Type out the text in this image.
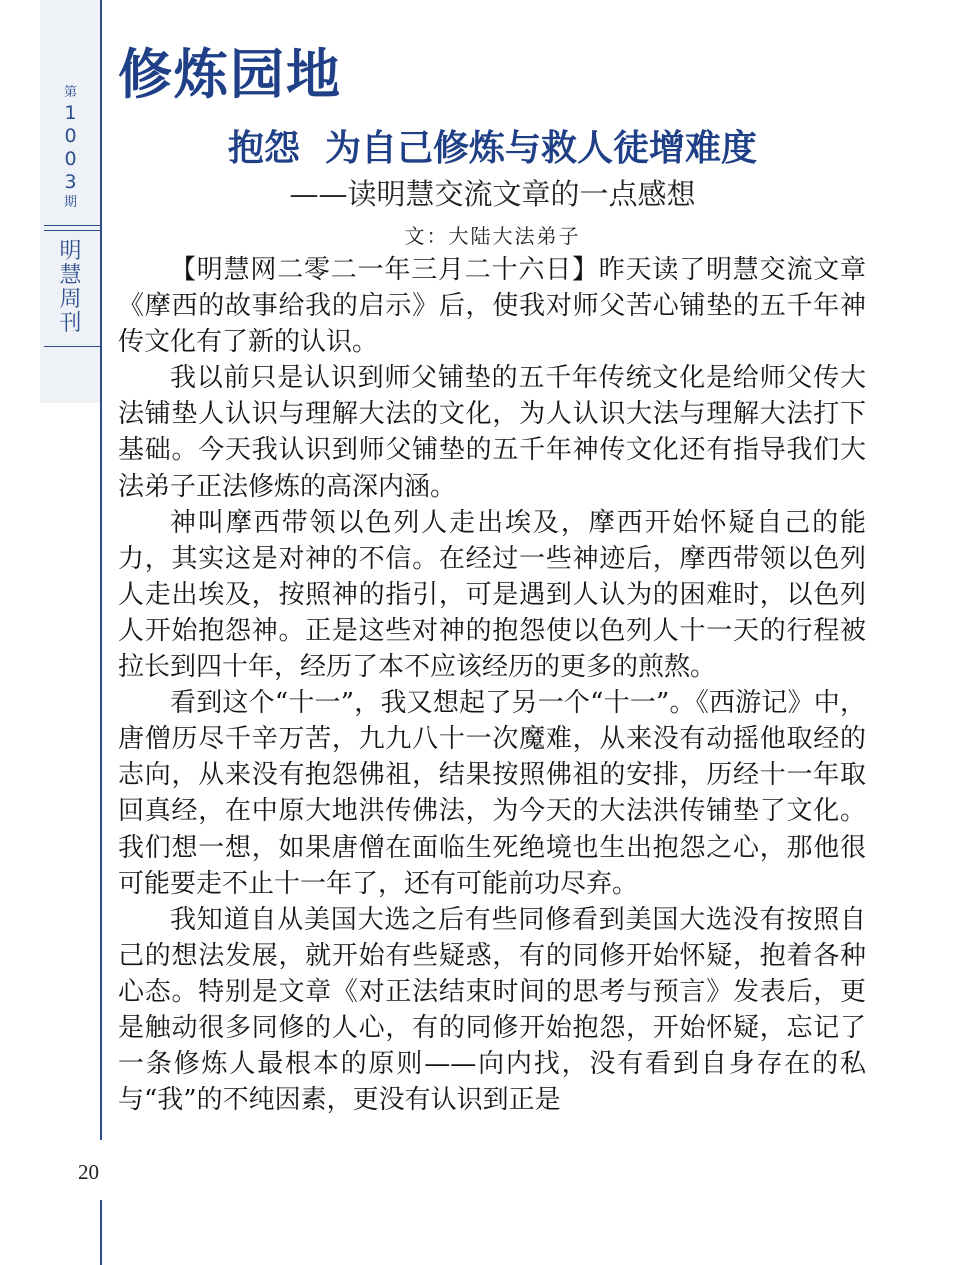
第
1
0
0
3
期
明
慧
周
刊
20
修炼园地
抱怨  为自己修炼与救人徒增难度
——读明慧交流文章的一点感想
文：大陆大法弟子

【明慧网二零二一年三月二十六日】昨天读了明慧交流文章《摩西的故事给我的启示》后，使我对师父苦心铺垫的五千年神传文化有了新的认识。

我以前只是认识到师父铺垫的五千年传统文化是给师父传大法铺垫人认识与理解大法的文化，为人认识大法与理解大法打下基础。今天我认识到师父铺垫的五千年神传文化还有指导我们大法弟子正法修炼的高深内涵。

神叫摩西带领以色列人走出埃及，摩西开始怀疑自己的能力，其实这是对神的不信。在经过一些神迹后，摩西带领以色列人走出埃及，按照神的指引，可是遇到人认为的困难时，以色列人开始抱怨神。正是这些对神的抱怨使以色列人十一天的行程被拉长到四十年，经历了本不应该经历的更多的煎熬。

看到这个“十一”，我又想起了另一个“十一”。《西游记》中，唐僧历尽千辛万苦，九九八十一次魔难，从来没有动摇他取经的志向，从来没有抱怨佛祖，结果按照佛祖的安排，历经十一年取回真经，在中原大地洪传佛法，为今天的大法洪传铺垫了文化。我们想一想，如果唐僧在面临生死绝境也生出抱怨之心，那他很可能要走不止十一年了，还有可能前功尽弃。

我知道自从美国大选之后有些同修看到美国大选没有按照自己的想法发展，就开始有些疑惑，有的同修开始怀疑，抱着各种心态。特别是文章《对正法结束时间的思考与预言》发表后，更是触动很多同修的人心，有的同修开始抱怨，开始怀疑，忘记了一条修炼人最根本的原则——向内找，没有看到自身存在的私与“我”的不纯因素，更没有认识到正是
